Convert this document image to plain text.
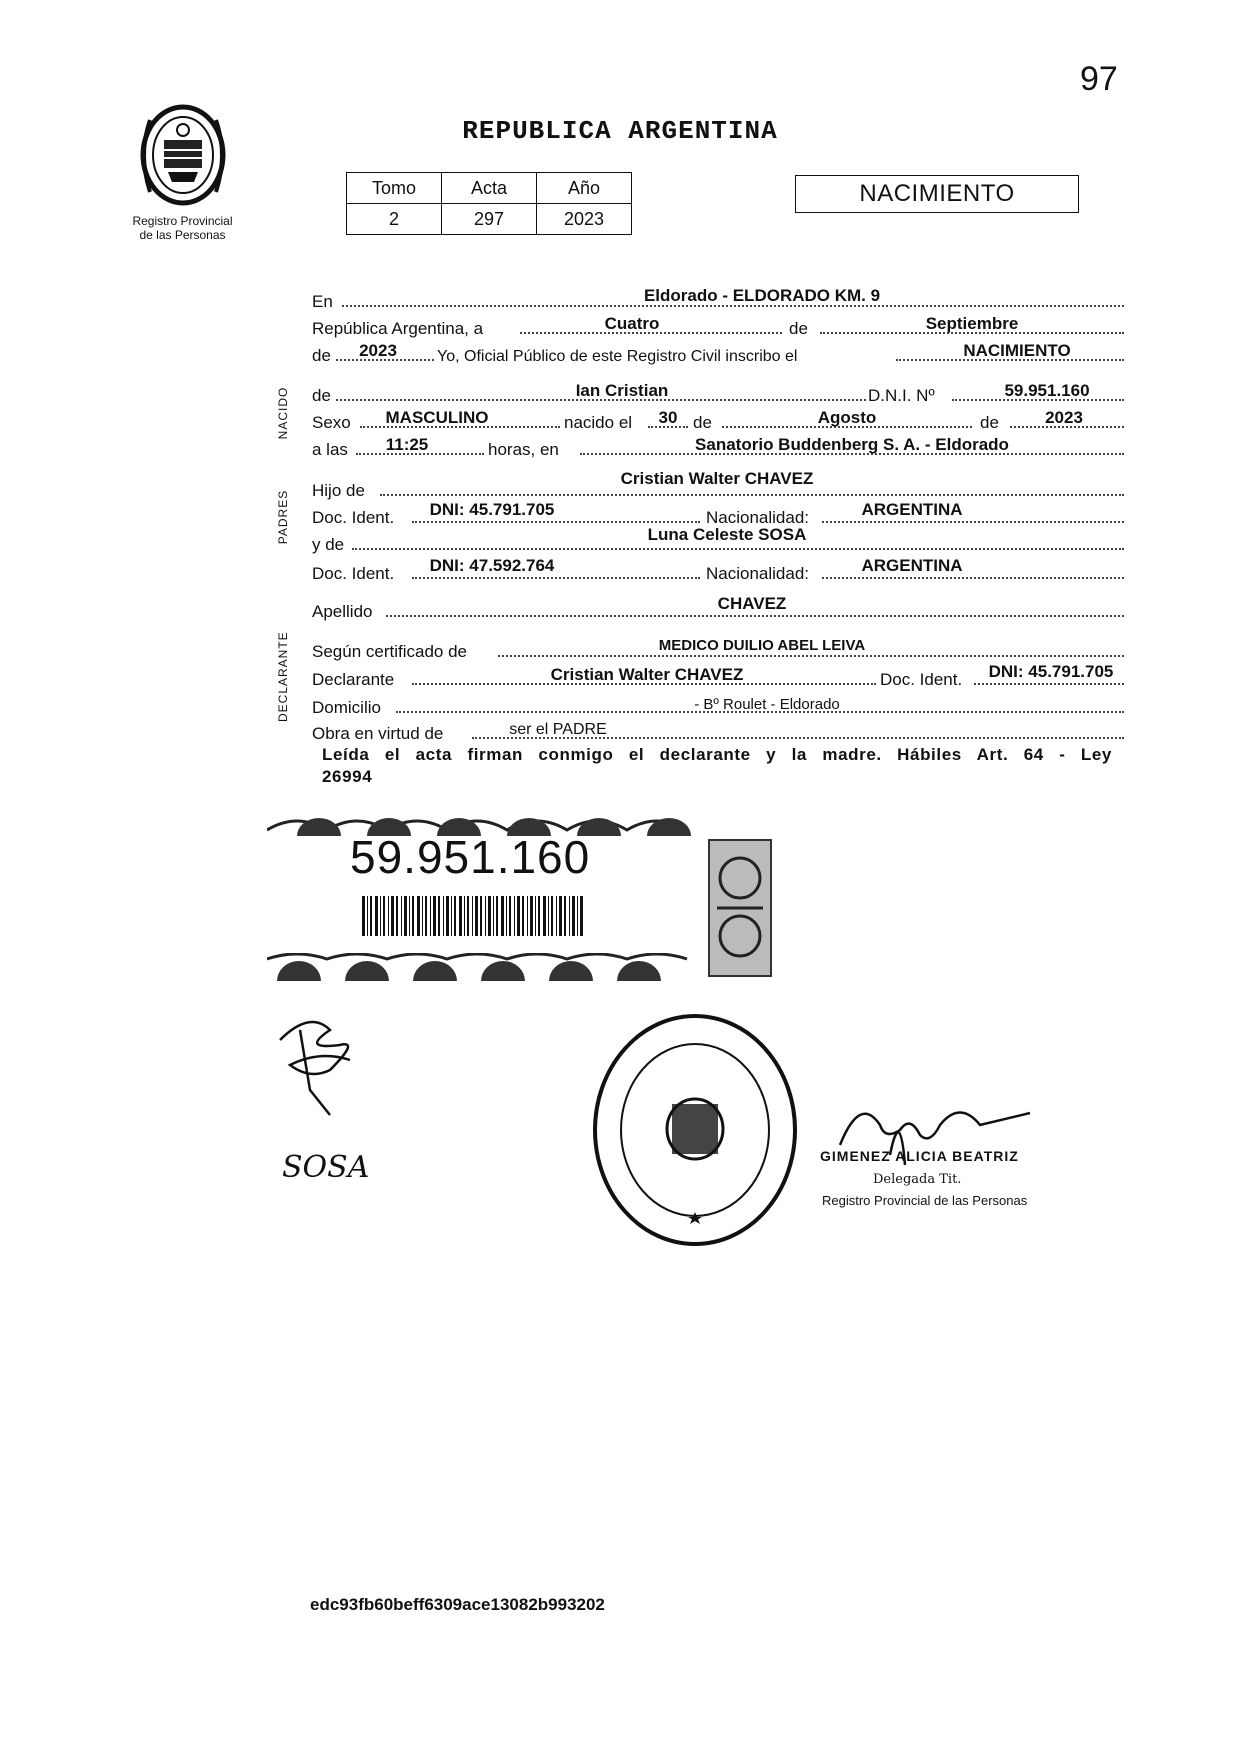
97
Registro Provincial
de las Personas
REPUBLICA ARGENTINA
Tomo	Acta	Año
2	297	2023
NACIMIENTO
NACIDO
PADRES
DECLARANTE
En	Eldorado - ELDORADO KM. 9
República Argentina, a	Cuatro	de	Septiembre
de	2023	Yo, Oficial Público de este Registro Civil inscribo el	NACIMIENTO
de	Ian Cristian	D.N.I. Nº	59.951.160
Sexo	MASCULINO	nacido el	30 de	Agosto	de	2023
a las	11:25	horas, en	Sanatorio Buddenberg S. A. - Eldorado
Hijo de
Cristian Walter CHAVEZ
Doc. Ident.	DNI: 45.791.705	Nacionalidad:	ARGENTINA
y de
Luna Celeste SOSA
Doc. Ident.	DNI: 47.592.764	Nacionalidad:	ARGENTINA
Apellido	CHAVEZ
Según certificado de	MEDICO DUILIO ABEL LEIVA
Declarante	Cristian Walter CHAVEZ	Doc. Ident.	DNI: 45.791.705
Domicilio	- Bº Roulet - Eldorado
Obra en virtud de	ser el PADRE
Leída el acta firman conmigo el declarante y la madre. Hábiles Art. 64 - Ley
26994
59.951.160
SOSA	GIMENEZ ALICIA BEATRIZ
Delegada Tit.
Registro Provincial de las Personas
edc93fb60beff6309ace13082b993202
